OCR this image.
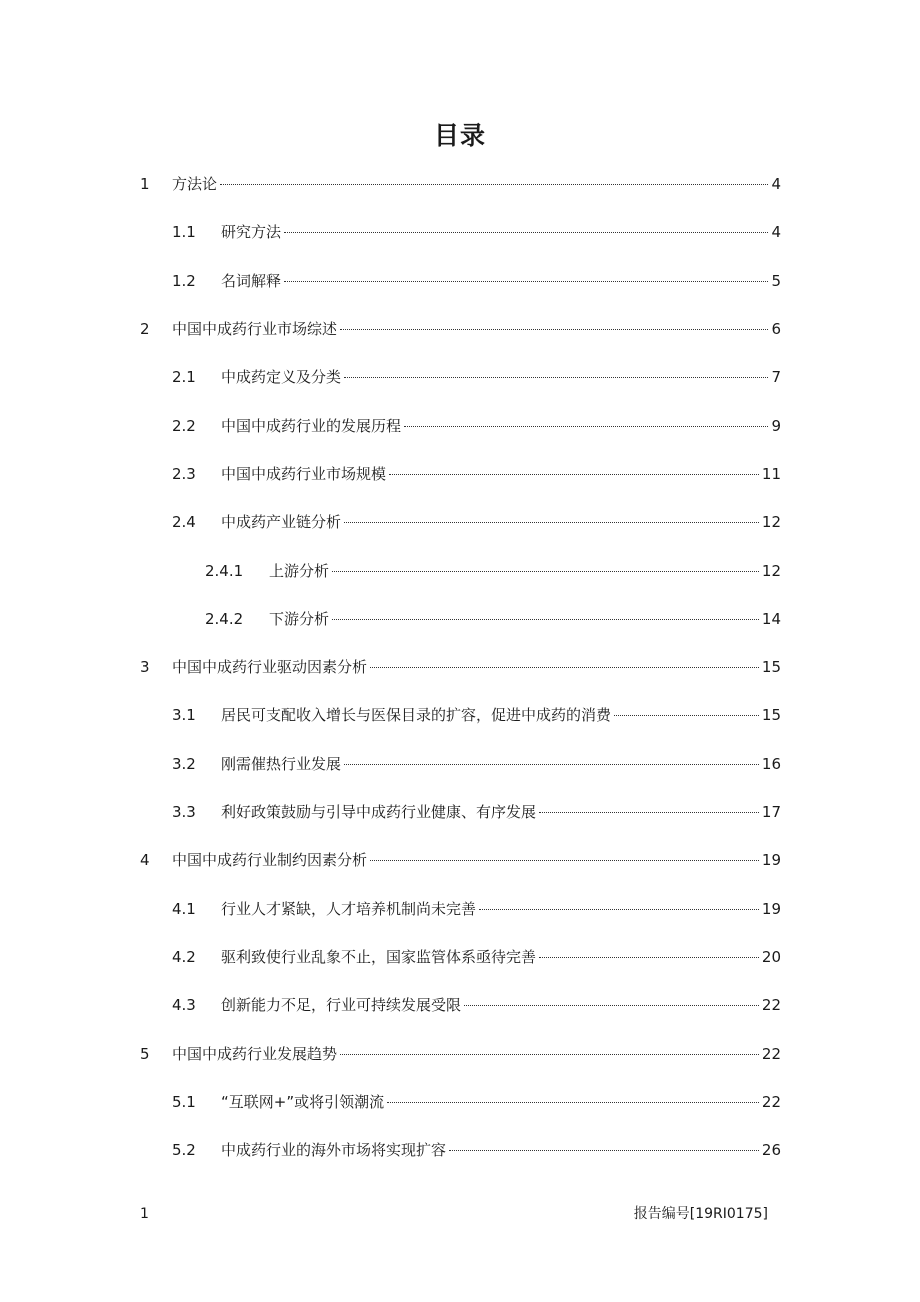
目录
1 方法论	4
1.1 研究方法	4
1.2 名词解释	5
2 中国中成药行业市场综述	6
2.1 中成药定义及分类	7
2.2 中国中成药行业的发展历程	9
2.3 中国中成药行业市场规模	11
2.4 中成药产业链分析	12
2.4.1 上游分析	12
2.4.2 下游分析	14
3 中国中成药行业驱动因素分析	15
3.1 居民可支配收入增长与医保目录的扩容，促进中成药的消费	15
3.2 刚需催热行业发展	16
3.3 利好政策鼓励与引导中成药行业健康、有序发展	17
4 中国中成药行业制约因素分析	19
4.1 行业人才紧缺，人才培养机制尚未完善	19
4.2 驱利致使行业乱象不止，国家监管体系亟待完善	20
4.3 创新能力不足，行业可持续发展受限	22
5 中国中成药行业发展趋势	22
5.1 “互联网+”或将引领潮流	22
5.2 中成药行业的海外市场将实现扩容	26
1	报告编号[19RI0175]
